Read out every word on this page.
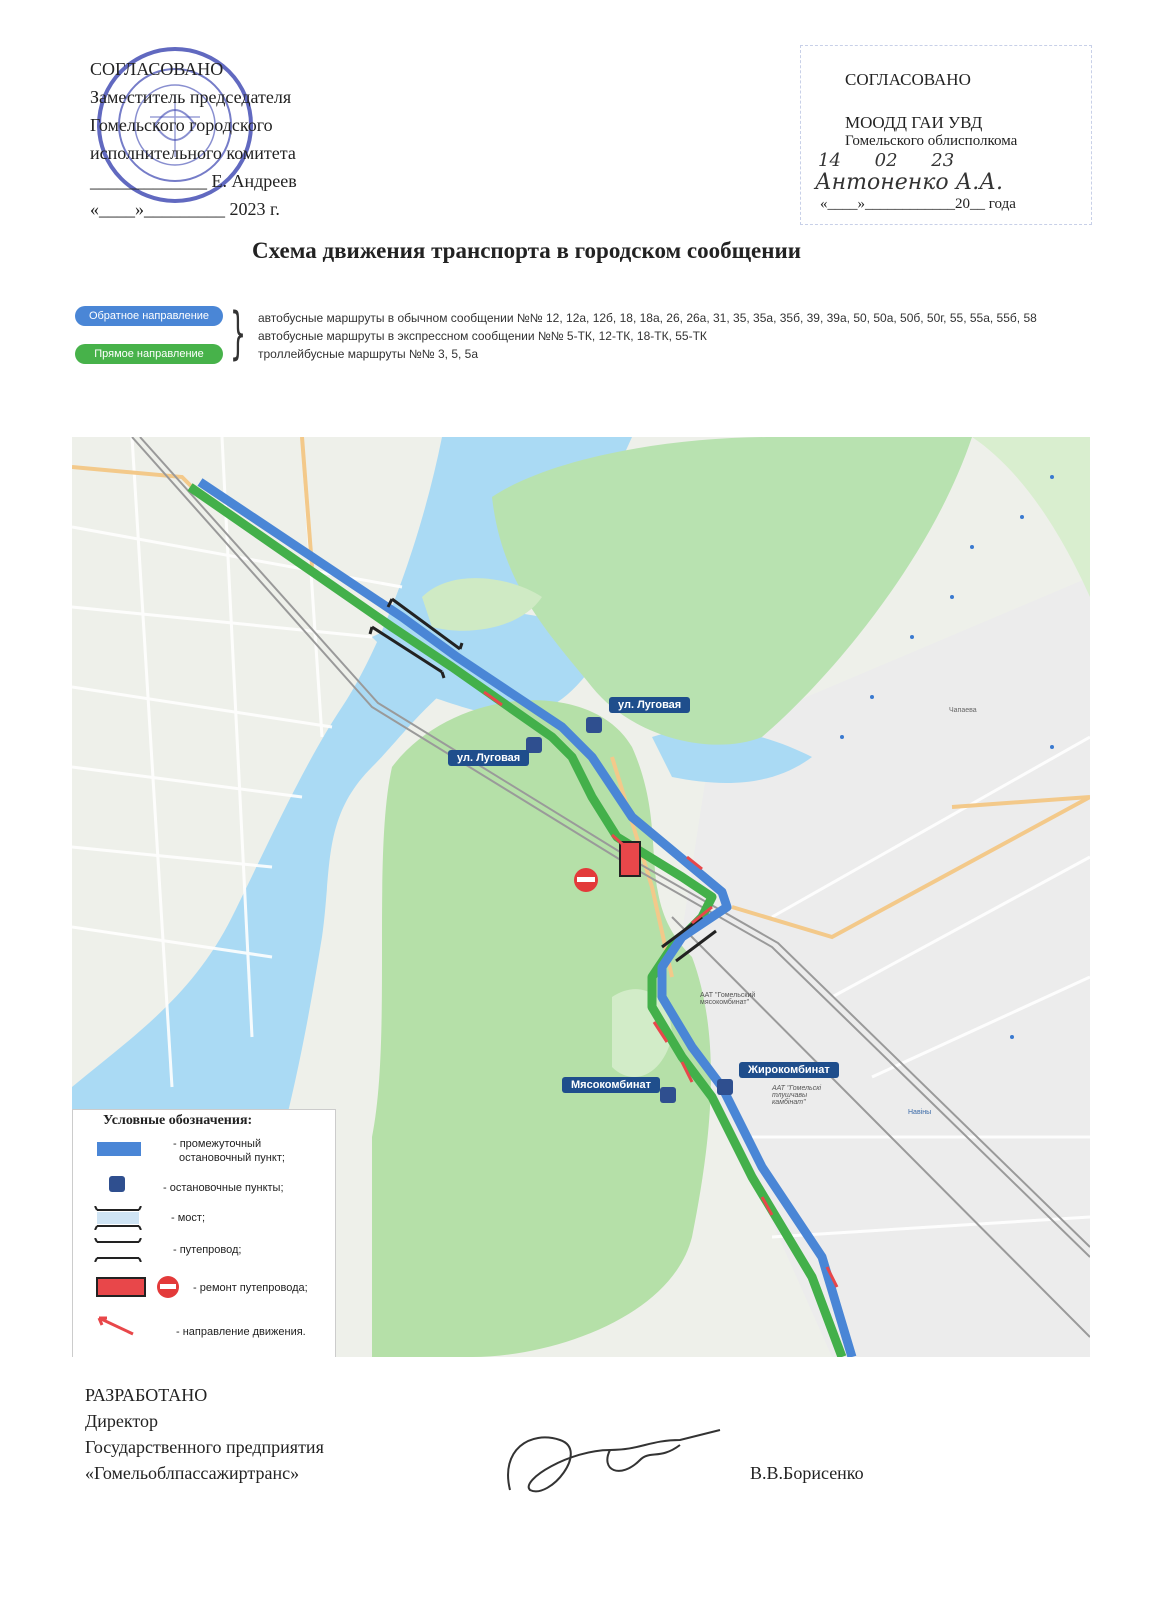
СОГЛАСОВАНО
Заместитель председателя
Гомельского городского
исполнительного комитета
_____________ Е. Андреев
«____»_________ 2023 г.
СОГЛАСОВАНО
МООДД ГАИ УВД
Гомельского облисполкома
14 02 23
Антоненко А.А.
«____»____________20__ года
Схема движения транспорта в городском сообщении
Обратное направление
Прямое направление } автобусные маршруты в обычном сообщении №№ 12, 12а, 12б, 18, 18а, 26, 26а, 31, 35, 35а, 35б, 39, 39а, 50, 50а, 50б, 50г, 55, 55а, 55б, 58
автобусные маршруты в экспрессном сообщении №№ 5-ТК, 12-ТК, 18-ТК, 55-ТК
троллейбусные маршруты №№ 3, 5, 5а
ул. Луговая
ул. Луговая
Мясокомбинат
Жирокомбинат
ААТ "Гомельский мясокомбинат"
ААТ "Гомельскі тлушчавы камбінат"
Навіны
Чапаева
Условные обозначения:
- промежуточный
остановочный пункт;
- остановочные пункты;
- мост;
- путепровод;
- ремонт путепровода;
- направление движения.
РАЗРАБОТАНО
Директор
Государственного предприятия
«Гомельоблпассажиртранс»	В.В.Борисенко
